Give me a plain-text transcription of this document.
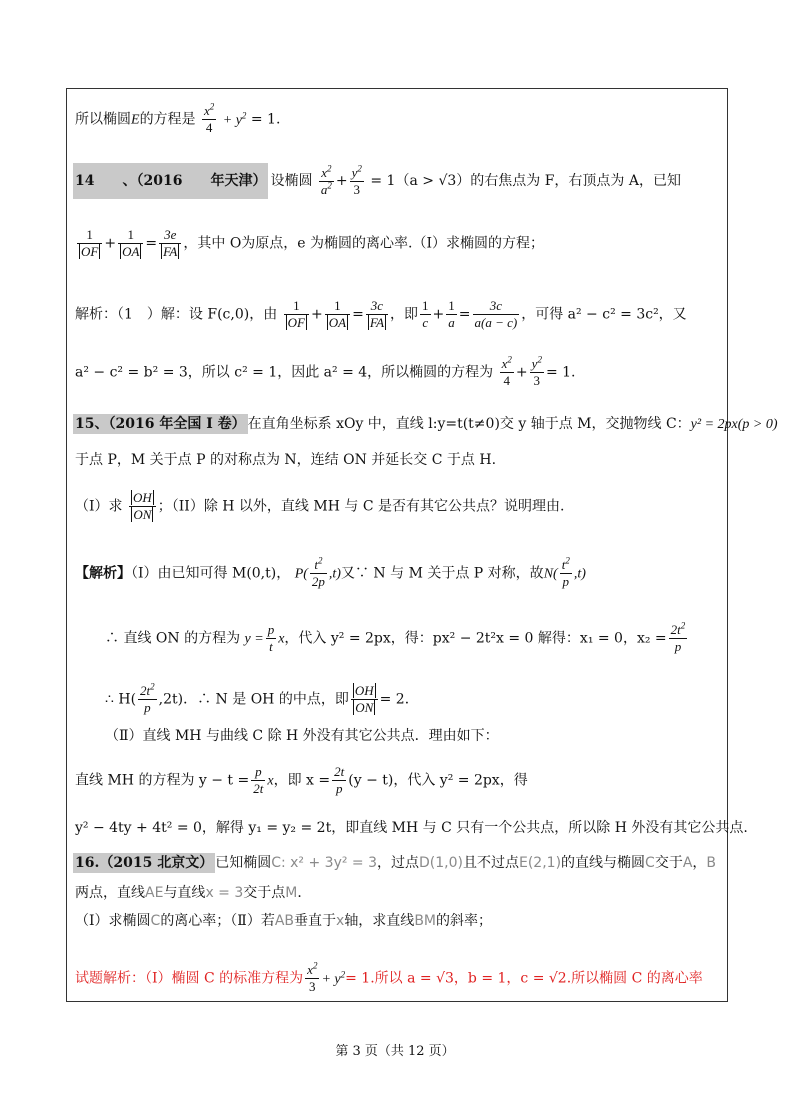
所以椭圆E的方程是 $\frac{x^2}{4} + y^2 = 1$.
14　　、（2016　　年天津） 设椭圆 $\frac{x^2}{a^2} + \frac{y^2}{3} = 1(a > √3)$的右焦点为 F，右顶点为 A，已知
$\frac{1}{OF} + \frac{1}{OA} = \frac{3e}{FA}$ ，其中 O为原点，e 为椭圆的离心率.（Ⅰ）求椭圆的方程；
解析：（1　）解：设 F(c,0)，由 $\frac{1}{OF} + \frac{1}{OA} = \frac{3c}{FA}$ ，即 $\frac{1}{c} + \frac{1}{a} = \frac{3c}{a(a - c)}$ ，可得 a² − c² = 3c²，又
a² − c² = b² = 3，所以 c² = 1，因此 a² = 4，所以椭圆的方程为 $\frac{x^2}{4} + \frac{y^2}{3} = 1$.
15、（2016 年全国 I 卷） 在直角坐标系 xOy 中，直线 l:y=t(t≠0)交 y 轴于点 M，交抛物线 C：y² = 2px(p > 0)
于点 P，M 关于点 P 的对称点为 N，连结 ON 并延长交 C 于点 H.
（I）求 $\frac{OH}{ON}$ ；（II）除 H 以外，直线 MH 与 C 是否有其它公共点？说明理由.
【解析】（Ⅰ）由已知可得 M(0,t)， $P( \frac{t^2}{2p} ,t)$又∵ N 与 M 关于点 P 对称，故$N( \frac{t^2}{p} ,t)$
∴ 直线 ON 的方程为 $y = \frac{p}{t}$ x，代入 y² = 2px，得：px² − 2t²x = 0 解得：x₁ = 0，$x_2 = \frac{2t^2}{p}$
∴ $H( \frac{2t^2}{p} ,2t)$．∴ N 是 OH 的中点，即 $\frac{OH}{ON} = 2$．
（Ⅱ）直线 MH 与曲线 C 除 H 外没有其它公共点．理由如下：
直线 MH 的方程为 $y - t = \frac{p}{2t}$ x，即 $x = \frac{2t}{p} (y - t)$，代入 y² = 2px，得
y² − 4ty + 4t² = 0，解得 y₁ = y₂ = 2t，即直线 MH 与 C 只有一个公共点，所以除 H 外没有其它公共点.
16.（2015 北京文） 已知椭圆C: x² + 3y² = 3，过点D(1,0)且不过点E(2,1)的直线与椭圆C交于A，B
两点，直线AE与直线x = 3交于点M．
（Ⅰ）求椭圆C的离心率；（Ⅱ）若AB垂直于x轴，求直线BM的斜率；
试题解析：（Ⅰ）椭圆 C 的标准方程为 $\frac{x^2}{3} + y^2= 1$.所以 a = √3，b = 1，c = √2.所以椭圆 C 的离心率
第 3 页（共 12 页）
